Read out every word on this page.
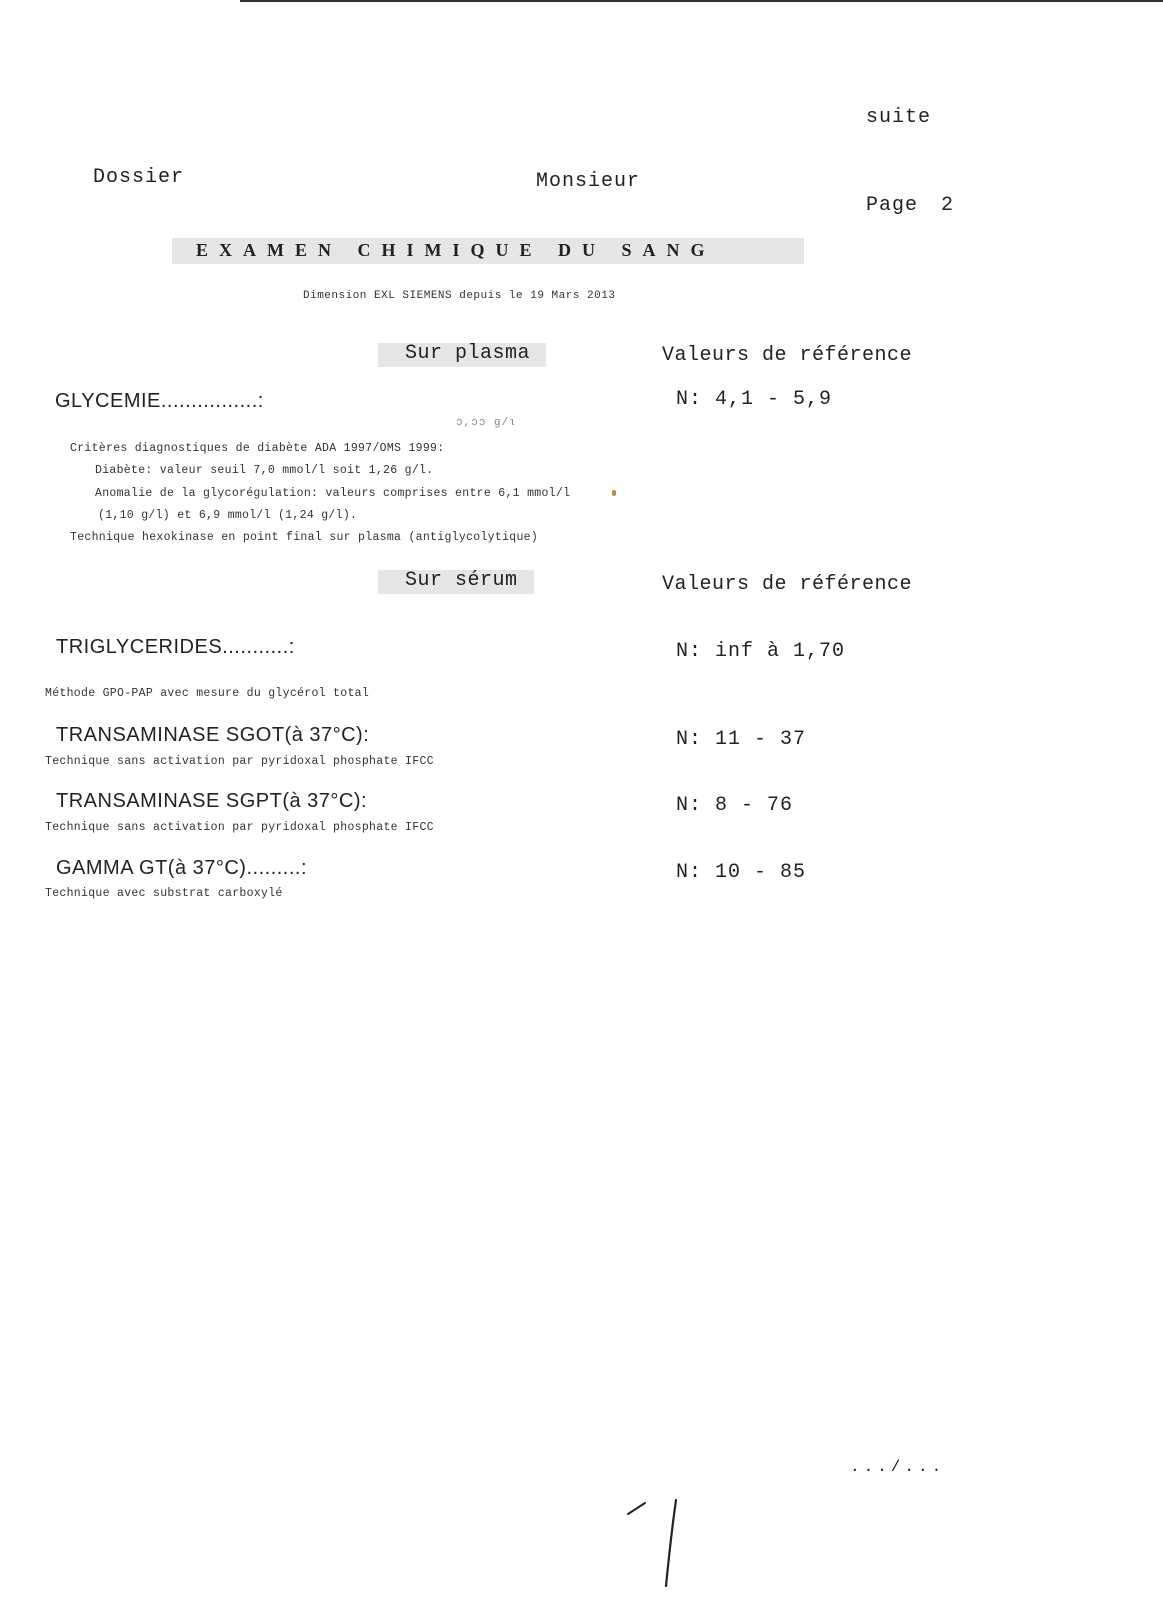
suite
Dossier	Monsieur
Page 2
EXAMEN CHIMIQUE DU SANG
Dimension EXL SIEMENS depuis le 19 Mars 2013
Sur plasma	Valeurs de référence
GLYCEMIE................:	N: 4,1 - 5,9
ɔ,ɔɔ g/ɩ
Critères diagnostiques de diabète ADA 1997/OMS 1999:
Diabète: valeur seuil 7,0 mmol/l soit 1,26 g/l.
Anomalie de la glycorégulation: valeurs comprises entre 6,1 mmol/l
(1,10 g/l) et 6,9 mmol/l (1,24 g/l).
Technique hexokinase en point final sur plasma (antiglycolytique)
Sur sérum	Valeurs de référence
TRIGLYCERIDES...........:	N: inf à 1,70
Méthode GPO-PAP avec mesure du glycérol total
TRANSAMINASE SGOT(à 37°C):	N: 11 - 37
Technique sans activation par pyridoxal phosphate IFCC
TRANSAMINASE SGPT(à 37°C):	N: 8 - 76
Technique sans activation par pyridoxal phosphate IFCC
GAMMA GT(à 37°C).........:	N: 10 - 85
Technique avec substrat carboxylé
.../...
